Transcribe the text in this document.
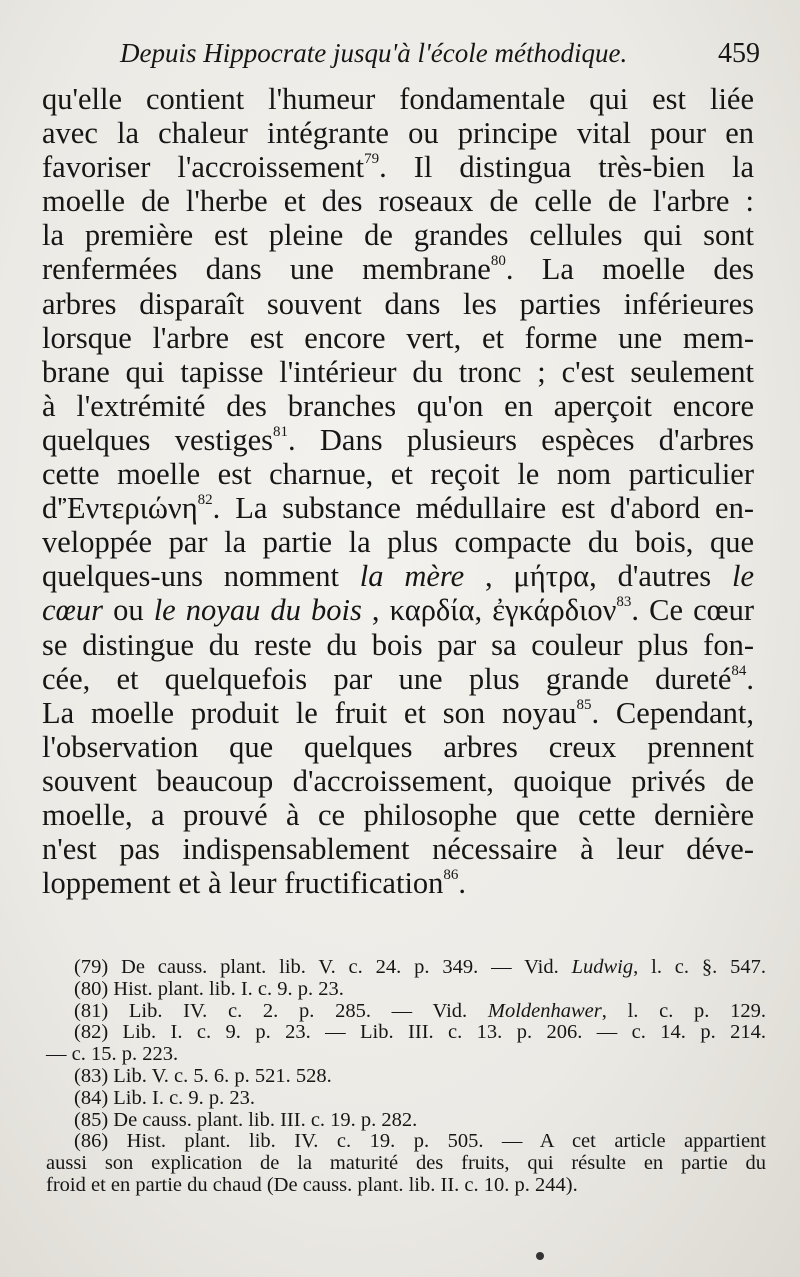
Depuis Hippocrate jusqu'à l'école méthodique.	459
qu'elle contient l'humeur fondamentale qui est liée
avec la chaleur intégrante ou principe vital pour en
favoriser l'accroissement$^{79}$. Il distingua très-bien la
moelle de l'herbe et des roseaux de celle de l'arbre :
la première est pleine de grandes cellules qui sont
renfermées dans une membrane$^{80}$. La moelle des
arbres disparaît souvent dans les parties inférieures
lorsque l'arbre est encore vert, et forme une mem-
brane qui tapisse l'intérieur du tronc ; c'est seulement
à l'extrémité des branches qu'on en aperçoit encore
quelques vestiges$^{81}$. Dans plusieurs espèces d'arbres
cette moelle est charnue, et reçoit le nom particulier
d'Ἐντεριώνη$^{82}$. La substance médullaire est d'abord en-
veloppée par la partie la plus compacte du bois, que
quelques-uns nomment la mère , μήτρα, d'autres le
cœur ou le noyau du bois , καρδία, ἐγκάρδιον$^{83}$. Ce cœur
se distingue du reste du bois par sa couleur plus fon-
cée, et quelquefois par une plus grande dureté$^{84}$.
La moelle produit le fruit et son noyau$^{85}$. Cependant,
l'observation que quelques arbres creux prennent
souvent beaucoup d'accroissement, quoique privés de
moelle, a prouvé à ce philosophe que cette dernière
n'est pas indispensablement nécessaire à leur déve-
loppement et à leur fructification$^{86}$.
(79) De causs. plant. lib. V. c. 24. p. 349. — Vid. Ludwig, l. c. §. 547.
(80) Hist. plant. lib. I. c. 9. p. 23.
(81) Lib. IV. c. 2. p. 285. — Vid. Moldenhawer, l. c. p. 129.
(82) Lib. I. c. 9. p. 23. — Lib. III. c. 13. p. 206. — c. 14. p. 214.
— c. 15. p. 223.
(83) Lib. V. c. 5. 6. p. 521. 528.
(84) Lib. I. c. 9. p. 23.
(85) De causs. plant. lib. III. c. 19. p. 282.
(86) Hist. plant. lib. IV. c. 19. p. 505. — A cet article appartient
aussi son explication de la maturité des fruits, qui résulte en partie du
froid et en partie du chaud (De causs. plant. lib. II. c. 10. p. 244).
